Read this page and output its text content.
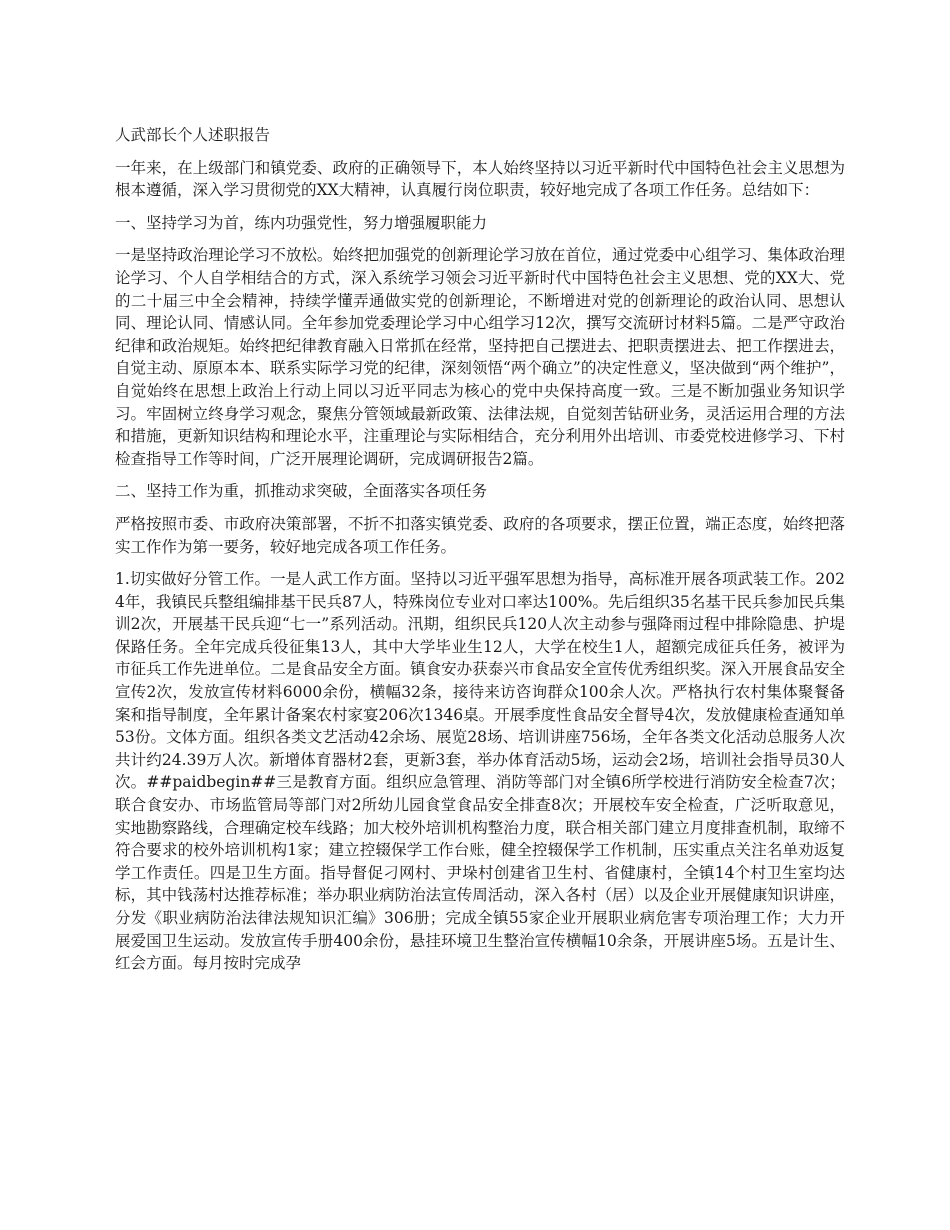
人武部长个人述职报告

一年来，在上级部门和镇党委、政府的正确领导下，本人始终坚持以习近平新时代中国特色社会主义思想为根本遵循，深入学习贯彻党的XX大精神，认真履行岗位职责，较好地完成了各项工作任务。总结如下：

一、坚持学习为首，练内功强党性，努力增强履职能力

一是坚持政治理论学习不放松。始终把加强党的创新理论学习放在首位，通过党委中心组学习、集体政治理论学习、个人自学相结合的方式，深入系统学习领会习近平新时代中国特色社会主义思想、党的XX大、党的二十届三中全会精神，持续学懂弄通做实党的创新理论，不断增进对党的创新理论的政治认同、思想认同、理论认同、情感认同。全年参加党委理论学习中心组学习12次，撰写交流研讨材料5篇。二是严守政治纪律和政治规矩。始终把纪律教育融入日常抓在经常，坚持把自己摆进去、把职责摆进去、把工作摆进去，自觉主动、原原本本、联系实际学习党的纪律，深刻领悟“两个确立”的决定性意义，坚决做到“两个维护”，自觉始终在思想上政治上行动上同以习近平同志为核心的党中央保持高度一致。三是不断加强业务知识学习。牢固树立终身学习观念，聚焦分管领域最新政策、法律法规，自觉刻苦钻研业务，灵活运用合理的方法和措施，更新知识结构和理论水平，注重理论与实际相结合，充分利用外出培训、市委党校进修学习、下村检查指导工作等时间，广泛开展理论调研，完成调研报告2篇。

二、坚持工作为重，抓推动求突破，全面落实各项任务

严格按照市委、市政府决策部署，不折不扣落实镇党委、政府的各项要求，摆正位置，端正态度，始终把落实工作作为第一要务，较好地完成各项工作任务。

1.切实做好分管工作。一是人武工作方面。坚持以习近平强军思想为指导，高标准开展各项武装工作。2024年，我镇民兵整组编排基干民兵87人，特殊岗位专业对口率达100%。先后组织35名基干民兵参加民兵集训2次，开展基干民兵迎“七一”系列活动。汛期，组织民兵120人次主动参与强降雨过程中排除隐患、护堤保路任务。全年完成兵役征集13人，其中大学毕业生12人，大学在校生1人，超额完成征兵任务，被评为市征兵工作先进单位。二是食品安全方面。镇食安办获泰兴市食品安全宣传优秀组织奖。深入开展食品安全宣传2次，发放宣传材料6000余份，横幅32条，接待来访咨询群众100余人次。严格执行农村集体聚餐备案和指导制度，全年累计备案农村家宴206次1346桌。开展季度性食品安全督导4次，发放健康检查通知单53份。文体方面。组织各类文艺活动42余场、展览28场、培训讲座756场，全年各类文化活动总服务人次共计约24.39万人次。新增体育器材2套，更新3套，举办体育活动5场，运动会2场，培训社会指导员30人次。##paidbegin##三是教育方面。组织应急管理、消防等部门对全镇6所学校进行消防安全检查7次；联合食安办、市场监管局等部门对2所幼儿园食堂食品安全排查8次；开展校车安全检查，广泛听取意见，实地勘察路线，合理确定校车线路；加大校外培训机构整治力度，联合相关部门建立月度排查机制，取缔不符合要求的校外培训机构1家；建立控辍保学工作台账，健全控辍保学工作机制，压实重点关注名单劝返复学工作责任。四是卫生方面。指导督促刁网村、尹垛村创建省卫生村、省健康村，全镇14个村卫生室均达标，其中钱荡村达推荐标准；举办职业病防治法宣传周活动，深入各村（居）以及企业开展健康知识讲座，分发《职业病防治法律法规知识汇编》306册；完成全镇55家企业开展职业病危害专项治理工作；大力开展爱国卫生运动。发放宣传手册400余份，悬挂环境卫生整治宣传横幅10余条，开展讲座5场。五是计生、红会方面。每月按时完成孕
